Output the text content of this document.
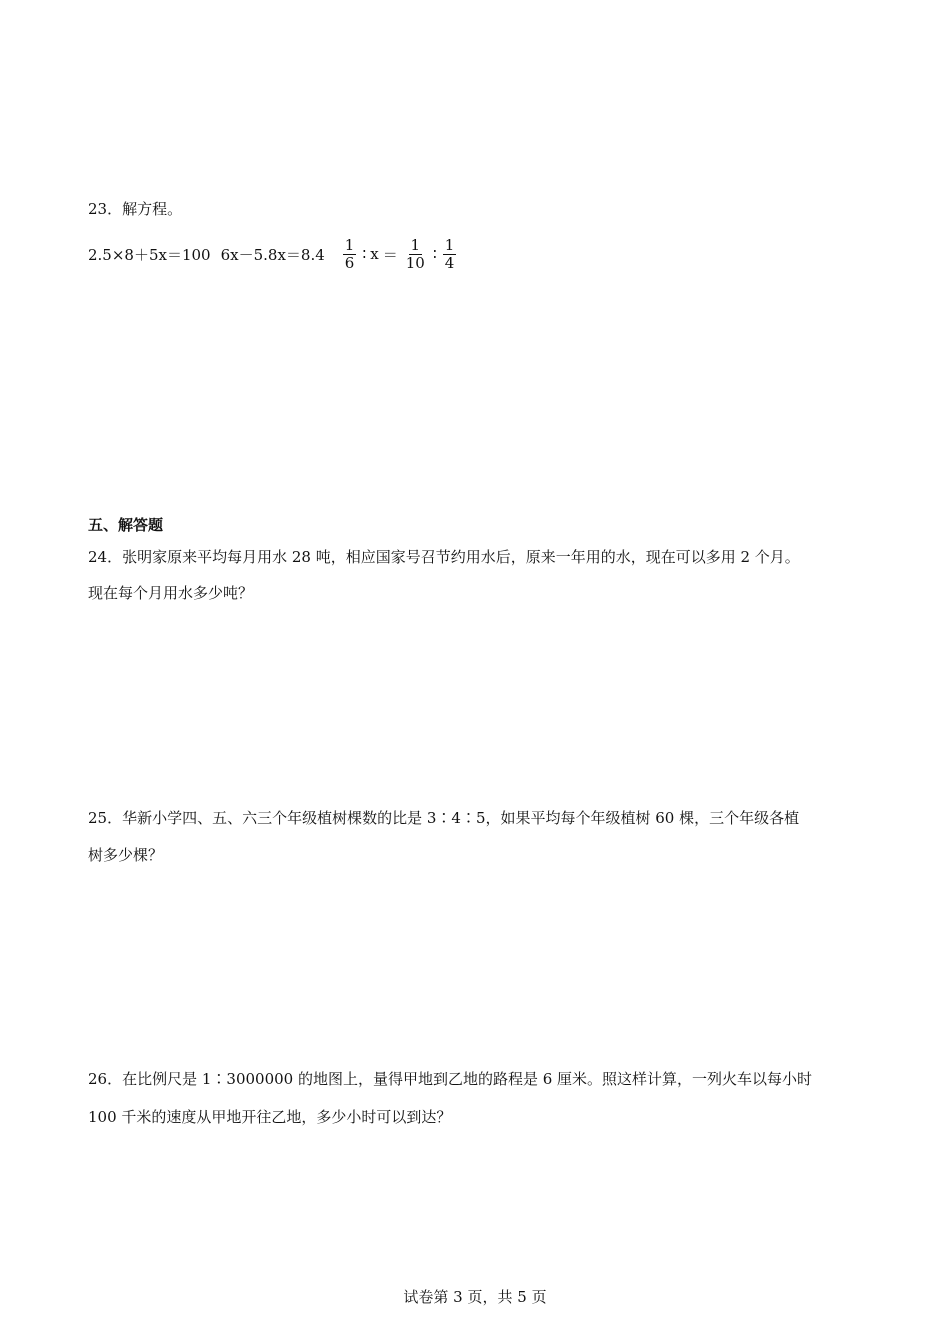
23．解方程。
2.5×8＋5x＝100 $6x-5.8x=8.4 \frac{1}{6}$ ∶ $x = \frac{1}{10}$ ∶ $\frac{1}{4}$
五、解答题
24．张明家原来平均每月用水 28 吨，相应国家号召节约用水后，原来一年用的水，现在可以多用 2 个月。
现在每个月用水多少吨？
25．华新小学四、五、六三个年级植树棵数的比是 3∶4∶5，如果平均每个年级植树 60 棵，三个年级各植
树多少棵？
26．在比例尺是 1∶3000000 的地图上，量得甲地到乙地的路程是 6 厘米。照这样计算，一列火车以每小时
100 千米的速度从甲地开往乙地，多少小时可以到达？
试卷第 3 页，共 5 页
